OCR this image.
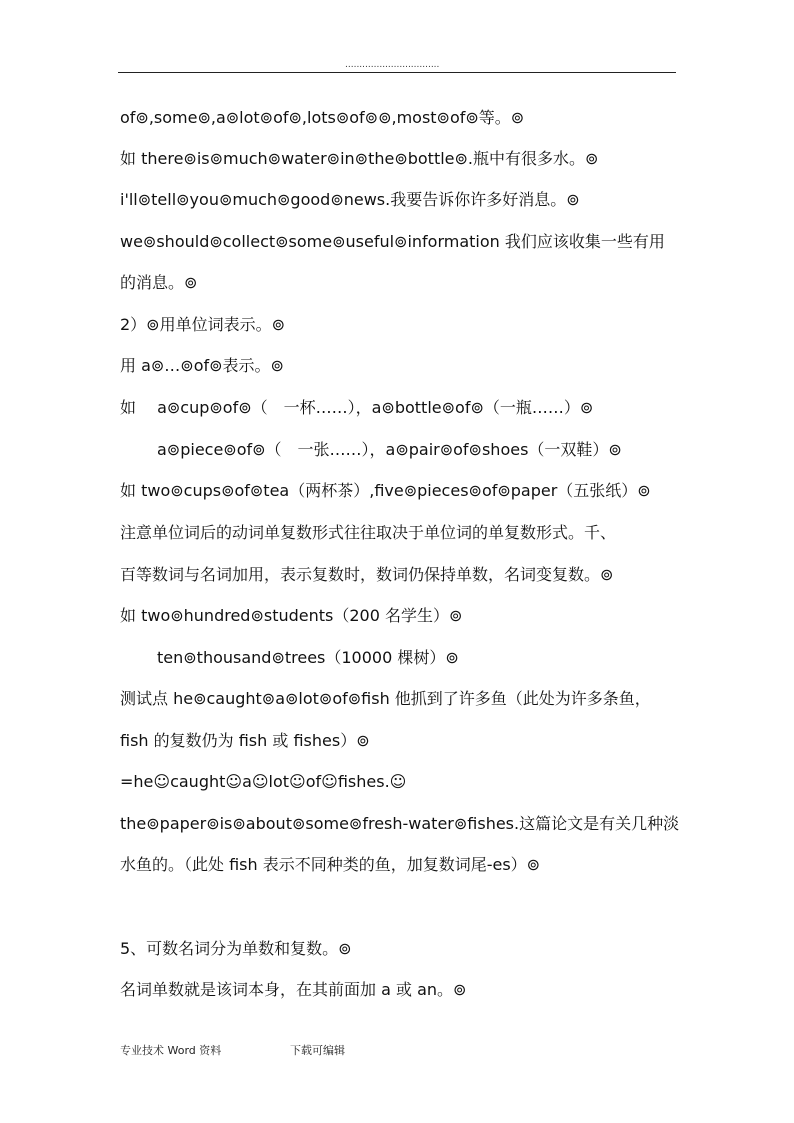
.................................
of⊚,some⊚,a⊚lot⊚of⊚,lots⊚of⊚⊚,most⊚of⊚等。⊚
如 there⊚is⊚much⊚water⊚in⊚the⊚bottle⊚.瓶中有很多水。⊚
i'll⊚tell⊚you⊚much⊚good⊚news.我要告诉你许多好消息。⊚
we⊚should⊚collect⊚some⊚useful⊚information 我们应该收集一些有用
的消息。⊚
2）⊚用单位词表示。⊚
用 a⊚…⊚of⊚表示。⊚
如　 a⊚cup⊚of⊚（　一杯……），a⊚bottle⊚of⊚（一瓶……）⊚
a⊚piece⊚of⊚（　一张……），a⊚pair⊚of⊚shoes（一双鞋）⊚
如 two⊚cups⊚of⊚tea（两杯茶）,five⊚pieces⊚of⊚paper（五张纸）⊚
注意单位词后的动词单复数形式往往取决于单位词的单复数形式。千、
百等数词与名词加用，表示复数时，数词仍保持单数，名词变复数。⊚
如 two⊚hundred⊚students（200 名学生）⊚
ten⊚thousand⊚trees（10000 棵树）⊚
测试点 he⊚caught⊚a⊚lot⊚of⊚fish 他抓到了许多鱼（此处为许多条鱼，
fish 的复数仍为 fish 或 fishes）⊚
=he☺caught☺a☺lot☺of☺fishes.☺
the⊚paper⊚is⊚about⊚some⊚fresh-water⊚fishes.这篇论文是有关几种淡
水鱼的。（此处 fish 表示不同种类的鱼，加复数词尾-es）⊚
5、可数名词分为单数和复数。⊚
名词单数就是该词本身，在其前面加 a 或 an。⊚
专业技术 Word 资料	下载可编辑
